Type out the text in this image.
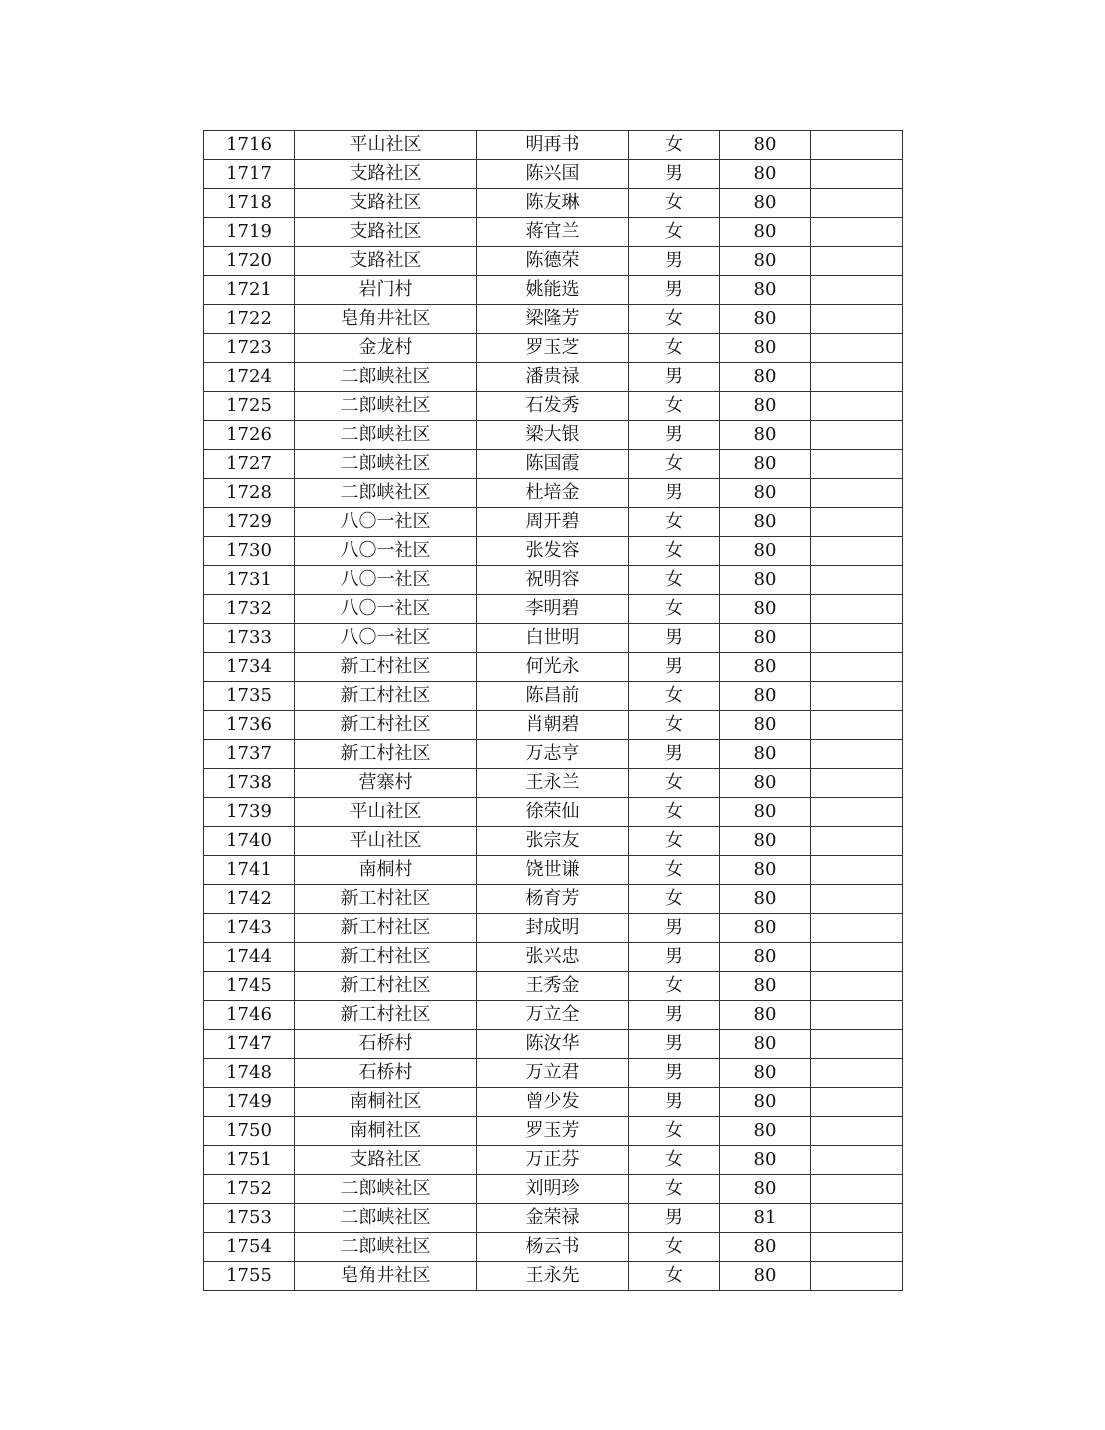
1716	平山社区	明再书	女	80	
1717	支路社区	陈兴国	男	80	
1718	支路社区	陈友琳	女	80	
1719	支路社区	蒋官兰	女	80	
1720	支路社区	陈德荣	男	80	
1721	岩门村	姚能选	男	80	
1722	皂角井社区	梁隆芳	女	80	
1723	金龙村	罗玉芝	女	80	
1724	二郎峡社区	潘贵禄	男	80	
1725	二郎峡社区	石发秀	女	80	
1726	二郎峡社区	梁大银	男	80	
1727	二郎峡社区	陈国霞	女	80	
1728	二郎峡社区	杜培金	男	80	
1729	八〇一社区	周开碧	女	80	
1730	八〇一社区	张发容	女	80	
1731	八〇一社区	祝明容	女	80	
1732	八〇一社区	李明碧	女	80	
1733	八〇一社区	白世明	男	80	
1734	新工村社区	何光永	男	80	
1735	新工村社区	陈昌前	女	80	
1736	新工村社区	肖朝碧	女	80	
1737	新工村社区	万志亨	男	80	
1738	营寨村	王永兰	女	80	
1739	平山社区	徐荣仙	女	80	
1740	平山社区	张宗友	女	80	
1741	南桐村	饶世谦	女	80	
1742	新工村社区	杨育芳	女	80	
1743	新工村社区	封成明	男	80	
1744	新工村社区	张兴忠	男	80	
1745	新工村社区	王秀金	女	80	
1746	新工村社区	万立全	男	80	
1747	石桥村	陈汝华	男	80	
1748	石桥村	万立君	男	80	
1749	南桐社区	曾少发	男	80	
1750	南桐社区	罗玉芳	女	80	
1751	支路社区	万正芬	女	80	
1752	二郎峡社区	刘明珍	女	80	
1753	二郎峡社区	金荣禄	男	81	
1754	二郎峡社区	杨云书	女	80	
1755	皂角井社区	王永先	女	80	
